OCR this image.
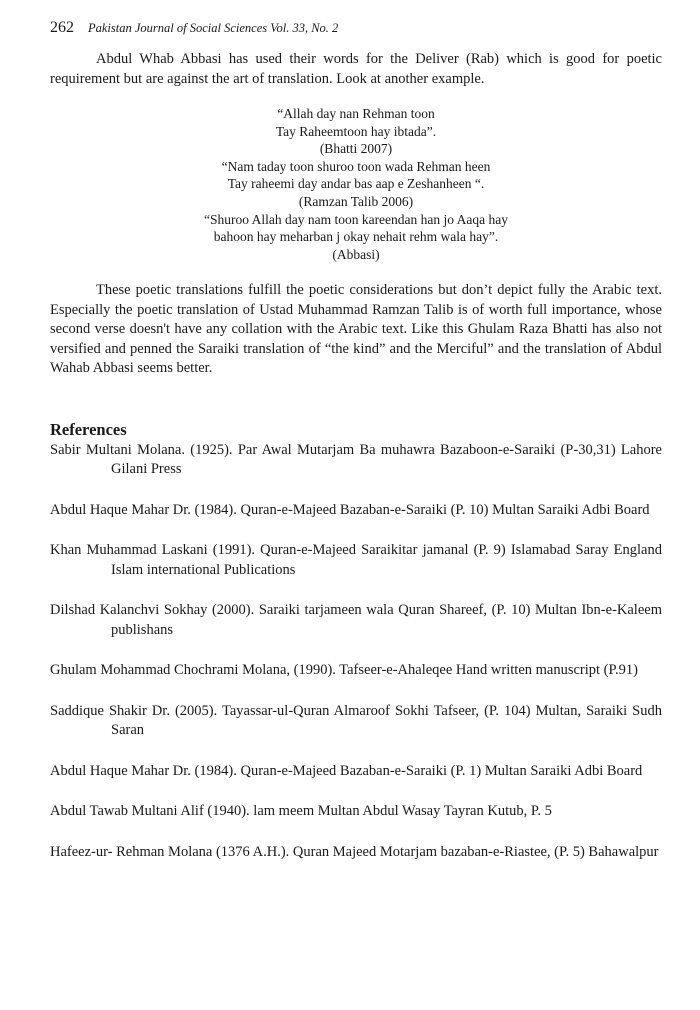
262 Pakistan Journal of Social Sciences Vol. 33, No. 2

Abdul Whab Abbasi has used their words for the Deliver (Rab) which is good for poetic requirement but are against the art of translation. Look at another example.

“Allah day nan Rehman toon
Tay Raheemtoon hay ibtada”.
(Bhatti 2007)
“Nam taday toon shuroo toon wada Rehman heen
Tay raheemi day andar bas aap e Zeshanheen “.
(Ramzan Talib 2006)
“Shuroo Allah day nam toon kareendan han jo Aaqa hay
bahoon hay meharban j okay nehait rehm wala hay”.
(Abbasi)

These poetic translations fulfill the poetic considerations but don’t depict fully the Arabic text. Especially the poetic translation of Ustad Muhammad Ramzan Talib is of worth full importance, whose second verse doesn't have any collation with the Arabic text. Like this Ghulam Raza Bhatti has also not versified and penned the Saraiki translation of “the kind” and the Merciful” and the translation of Abdul Wahab Abbasi seems better.

References

Sabir Multani Molana. (1925). Par Awal Mutarjam Ba muhawra Bazaboon-e-Saraiki (P-30,31) Lahore Gilani Press

Abdul Haque Mahar Dr. (1984). Quran-e-Majeed Bazaban-e-Saraiki (P. 10) Multan Saraiki Adbi Board

Khan Muhammad Laskani (1991). Quran-e-Majeed Saraikitar jamanal (P. 9) Islamabad Saray England Islam international Publications

Dilshad Kalanchvi Sokhay (2000). Saraiki tarjameen wala Quran Shareef, (P. 10) Multan Ibn-e-Kaleem publishans

Ghulam Mohammad Chochrami Molana, (1990). Tafseer-e-Ahaleqee Hand written manuscript (P.91)

Saddique Shakir Dr. (2005). Tayassar-ul-Quran Almaroof Sokhi Tafseer, (P. 104) Multan, Saraiki Sudh Saran

Abdul Haque Mahar Dr. (1984). Quran-e-Majeed Bazaban-e-Saraiki (P. 1) Multan Saraiki Adbi Board

Abdul Tawab Multani Alif (1940). lam meem Multan Abdul Wasay Tayran Kutub, P. 5

Hafeez-ur- Rehman Molana (1376 A.H.). Quran Majeed Motarjam bazaban-e-Riastee, (P. 5) Bahawalpur
